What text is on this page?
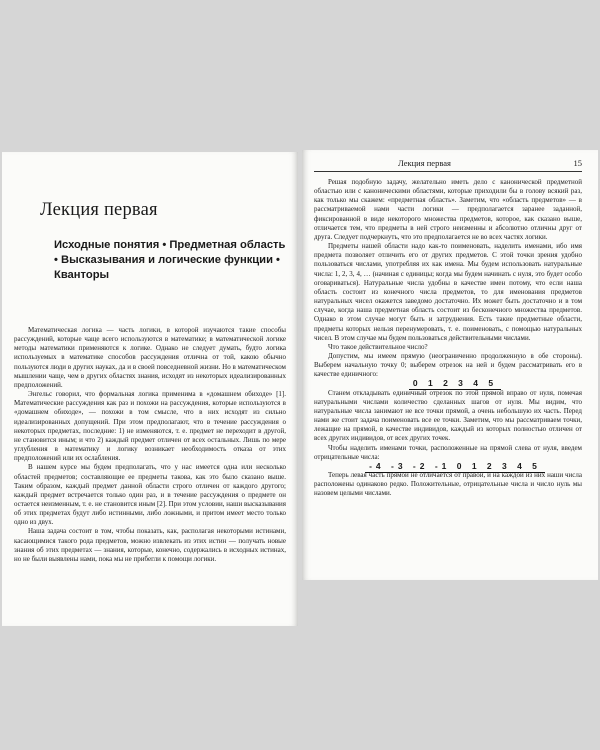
Лекция первая
Исходные понятия • Предметная область • Высказывания и логические функции • Кванторы

Математическая логика — часть логики, в которой изучаются такие способы рассуждений, которые чаще всего используются в математике; в математической логике методы математики применяются к логике. Однако не следует думать, будто логика используемых в математике способов рассуждения отлична от той, какою обычно пользуются люди в других науках, да и в своей повседневной жизни. Но в математическом мышлении чаще, чем в других областях знания, исходят из некоторых идеализированных предположений.

Энгельс говорил, что формальная логика применима в «домашнем обиходе» [1]. Математические рассуждения как раз и похожи на рассуждения, которые используются в «домашнем обиходе», — похожи в том смысле, что в них исходят из сильно идеализированных допущений. При этом предполагают, что в течение рассуждения о некоторых предметах, последние: 1) не изменяются, т. е. предмет не переходит в другой, не становится иным; и что 2) каждый предмет отличен от всех остальных. Лишь по мере углубления в математику и логику возникает необходимость отказа от этих предположений или их ослабления.

В нашем курсе мы будем предполагать, что у нас имеется одна или несколько областей предметов; составляющие ее предметы такова, как это было сказано выше. Таким образом, каждый предмет данной области строго отличен от каждого другого; каждый предмет встречается только один раз, и в течение рассуждения о предмете он остается неизменным, т. е. не становится иным [2]. При этом условии, наши высказывания об этих предметах будут либо истинными, либо ложными, и притом имеет место только одно из двух.

Наша задача состоит в том, чтобы показать, как, располагая некоторыми истинами, касающимися такого рода предметов, можно извлекать из этих истин — получать новые знания об этих предметах — знания, которые, конечно, содержались в исходных истинах, но не были выявлены нами, пока мы не прибегли к помощи логики.

Лекция первая	15

Решая подобную задачу, желательно иметь дело с канонической предметной областью или с каноническими областями, которые приходили бы в голову всякий раз, как только мы скажем: «предметная область». Заметим, что «область предметов» — в рассматриваемой нами части логики — предполагается заранее заданной, фиксированной в виде некоторого множества предметов, которое, как сказано выше, отличается тем, что предметы в ней строго неизменны и абсолютно отличны друг от друга. Следует подчеркнуть, что это предполагается не во всех частях логики.

Предметы нашей области надо как-то поименовать, наделить именами, ибо имя предмета позволяет отличить его от других предметов. С этой точки зрения удобно пользоваться числами, употребляя их как имена. Мы будем использовать натуральные числа: 1, 2, 3, 4, … (начиная с единицы; когда мы будем начинать с нуля, это будет особо оговариваться). Натуральные числа удобны в качестве имен потому, что если наша область состоит из конечного числа предметов, то для именования предметов натуральных чисел окажется заведомо достаточно. Их может быть достаточно и в том случае, когда наша предметная область состоит из бесконечного множества предметов. Однако в этом случае могут быть и затруднения. Есть такие предметные области, предметы которых нельзя перенумеровать, т. е. поименовать, с помощью натуральных чисел. В этом случае мы будем пользоваться действительными числами.

Что такое действительное число?

Допустим, мы имеем прямую (неограниченно продолженную в обе стороны). Выберем начальную точку 0; выберем отрезок на ней и будем рассматривать его в качестве единичного:

0 1 2 3 4 5

Станем откладывать единичный отрезок по этой прямой вправо от нуля, помечая натуральными числами количество сделанных шагов от нуля. Мы видим, что натуральные числа занимают не все точки прямой, а очень небольшую их часть. Перед нами же стоит задача поименовать все ее точки. Заметим, что мы рассматриваем точки, лежащие на прямой, в качестве индивидов, каждый из которых полностью отличен от всех других индивидов, от всех других точек.

Чтобы наделить именами точки, расположенные на прямой слева от нуля, введем отрицательные числа:

-4 -3 -2 -1 0 1 2 3 4 5

Теперь левая часть прямой не отличается от правой, и на каждой из них наши числа расположены одинаково редко. Положительные, отрицательные числа и число нуль мы назовем целыми числами.
